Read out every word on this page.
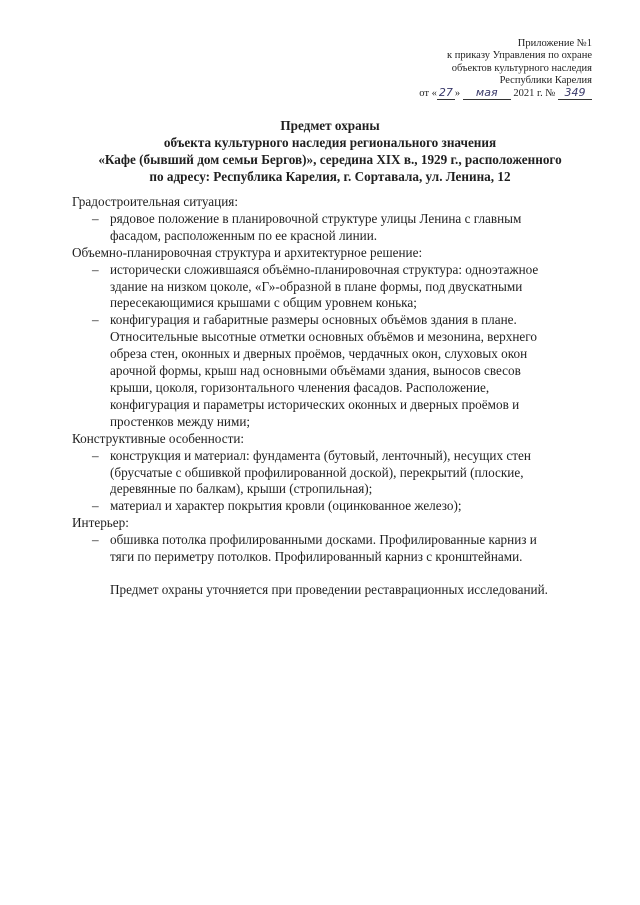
Приложение №1
к приказу Управления по охране
объектов культурного наследия
Республики Карелия
от « 27 » мая 2021 г. № 349
Предмет охраны
объекта культурного наследия регионального значения
«Кафе (бывший дом семьи Бергов)», середина XIX в., 1929 г., расположенного
по адресу: Республика Карелия, г. Сортавала, ул. Ленина, 12
Градостроительная ситуация:
– рядовое положение в планировочной структуре улицы Ленина с главным
фасадом, расположенным по ее красной линии.
Объемно-планировочная структура и архитектурное решение:
– исторически сложившаяся объёмно-планировочная структура: одноэтажное
здание на низком цоколе, «Г»-образной в плане формы, под двускатными
пересекающимися крышами с общим уровнем конька;
– конфигурация и габаритные размеры основных объёмов здания в плане.
Относительные высотные отметки основных объёмов и мезонина, верхнего
обреза стен, оконных и дверных проёмов, чердачных окон, слуховых окон
арочной формы, крыш над основными объёмами здания, выносов свесов
крыши, цоколя, горизонтального членения фасадов. Расположение,
конфигурация и параметры исторических оконных и дверных проёмов и
простенков между ними;
Конструктивные особенности:
– конструкция и материал: фундамента (бутовый, ленточный), несущих стен
(брусчатые с обшивкой профилированной доской), перекрытий (плоские,
деревянные по балкам), крыши (стропильная);
– материал и характер покрытия кровли (оцинкованное железо);
Интерьер:
– обшивка потолка профилированными досками. Профилированные карниз и
тяги по периметру потолков. Профилированный карниз с кронштейнами.
Предмет охраны уточняется при проведении реставрационных исследований.
